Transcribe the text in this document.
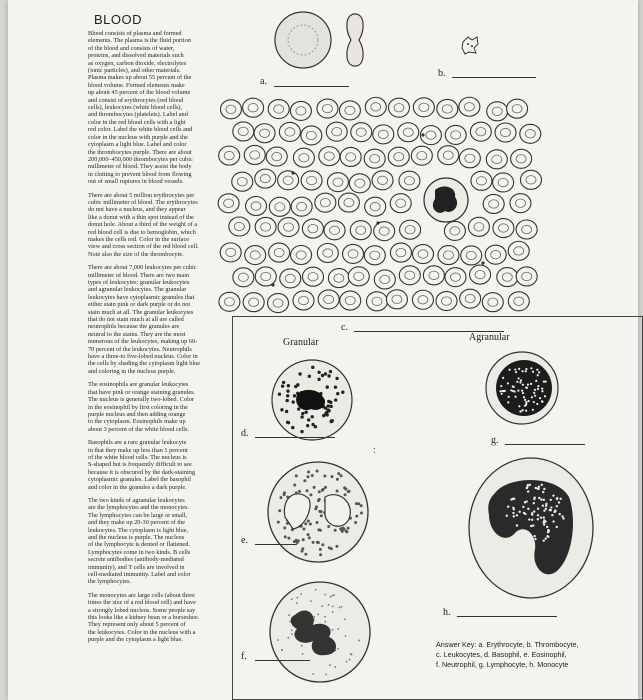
BLOOD

Blood consists of plasma and formed
elements. The plasma is the fluid portion
of the blood and consists of water,
proteins, and dissolved materials such
as oxygen, carbon dioxide, electrolytes
(ionic particles), and other materials.
Plasma makes up about 55 percent of the
blood volume. Formed elements make
up about 45 percent of the blood volume
and consist of erythrocytes (red blood
cells), leukocytes (white blood cells),
and thrombocytes (platelets). Label and
color in the red blood cells with a light
red color. Label the white blood cells and
color in the nucleus with purple and the
cytoplasm a light blue. Label and color
the thrombocytes purple. There are about
200,000–450,000 thrombocytes per cubic
millimeter of blood. They assist the body
in clotting to prevent blood from flowing
out of small ruptures in blood vessels.

There are about 5 million erythrocytes per
cubic millimeter of blood. The erythrocytes
do not have a nucleus, and they appear
like a donut with a thin spot instead of the
donut hole. About a third of the weight of a
red blood cell is due to hemoglobin, which
makes the cells red. Color in the surface
view and cross section of the red blood cell.
Note also the size of the thrombocyte.

There are about 7,000 leukocytes per cubic
millimeter of blood. There are two main
types of leukocytes: granular leukocytes
and agranular leukocytes. The granular
leukocytes have cytoplasmic granules that
either stain pink or dark purple or do not
stain much at all. The granular leukocytes
that do not stain much at all are called
neutrophils because the granules are
neutral to the stains. They are the most
numerous of the leukocytes, making up 60-
70 percent of the leukocytes. Neutrophils
have a three-to five-lobed nucleus. Color in
the cells by shading the cytoplasm light blue
and coloring in the nucleus purple.

The eosinophils are granular leukocytes
that have pink or orange staining granules.
The nucleus is generally two-lobed. Color
in the eosinophil by first coloring in the
purple nucleus and then adding orange
to the cytoplasm. Eosinophils make up
about 3 percent of the white blood cells.

Basophils are a rare granular leukocyte
in that they make up less than 1 percent
of the white blood cells. The nucleus is
S-shaped but is frequently difficult to see
because it is obscured by the dark-staining
cytoplasmic granules. Label the basophil
and color in the granules a dark purple.

The two kinds of agranular leukocytes
are the lymphocytes and the monocytes.
The lymphocytes can be large or small,
and they make up 20-30 percent of the
leukocytes. The cytoplasm is light blue,
and the nucleus is purple. The nucleus
of the lymphocyte is dented or flattened.
Lymphocytes come in two kinds. B cells
secrete antibodies (antibody-mediated
immunity), and T cells are involved in
cell-mediated immunity. Label and color
the lymphocytes.

The monocytes are large cells (about three
times the size of a red blood cell) and have
a strongly lobed nucleus. Some people say
this looks like a kidney bean or a horseshoe.
They represent only about 5 percent of
the leukocytes. Color in the nucleus with a
purple and the cytoplasm a light blue.

a.
b.
c.
Granular	Agranular
d.
e.
f.
g.
h.
:
Answer Key: a. Erythrocyte, b. Thrombocyte,
c. Leukocytes, d. Basophil, e. Eosinophil,
f. Neutrophil, g. Lymphocyte, h. Monocyte
